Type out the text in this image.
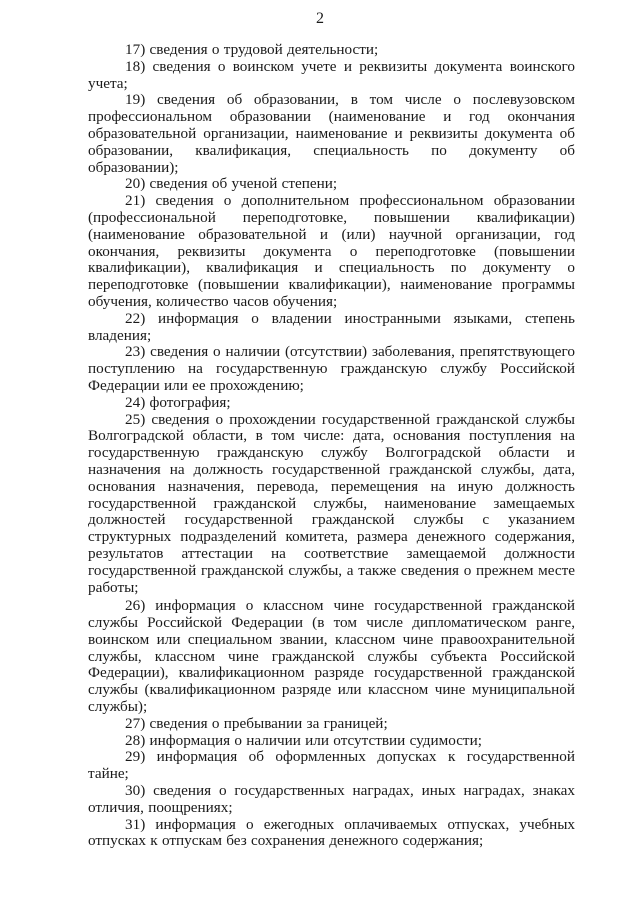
2

17) сведения о трудовой деятельности;

18) сведения о воинском учете и реквизиты документа воинского учета;

19) сведения об образовании, в том числе о послевузовском профессиональном образовании (наименование и год окончания образовательной организации, наименование и реквизиты документа об образовании, квалификация, специальность по документу об образовании);

20) сведения об ученой степени;

21) сведения о дополнительном профессиональном образовании (профессиональной переподготовке, повышении квалификации) (наименование образовательной и (или) научной организации, год окончания, реквизиты документа о переподготовке (повышении квалификации), квалификация и специальность по документу о переподготовке (повышении квалификации), наименование программы обучения, количество часов обучения;

22) информация о владении иностранными языками, степень владения;

23) сведения о наличии (отсутствии) заболевания, препятствующего поступлению на государственную гражданскую службу Российской Федерации или ее прохождению;

24) фотография;

25) сведения о прохождении государственной гражданской службы Волгоградской области, в том числе: дата, основания поступления на государственную гражданскую службу Волгоградской области и назначения на должность государственной гражданской службы, дата, основания назначения, перевода, перемещения на иную должность государственной гражданской службы, наименование замещаемых должностей государственной гражданской службы с указанием структурных подразделений комитета, размера денежного содержания, результатов аттестации на соответствие замещаемой должности государственной гражданской службы, а также сведения о прежнем месте работы;

26) информация о классном чине государственной гражданской службы Российской Федерации (в том числе дипломатическом ранге, воинском или специальном звании, классном чине правоохранительной службы, классном чине гражданской службы субъекта Российской Федерации), квалификационном разряде государственной гражданской службы (квалификационном разряде или классном чине муниципальной службы);

27) сведения о пребывании за границей;

28) информация о наличии или отсутствии судимости;

29) информация об оформленных допусках к государственной тайне;

30) сведения о государственных наградах, иных наградах, знаках отличия, поощрениях;

31) информация о ежегодных оплачиваемых отпусках, учебных отпусках к отпускам без сохранения денежного содержания;
